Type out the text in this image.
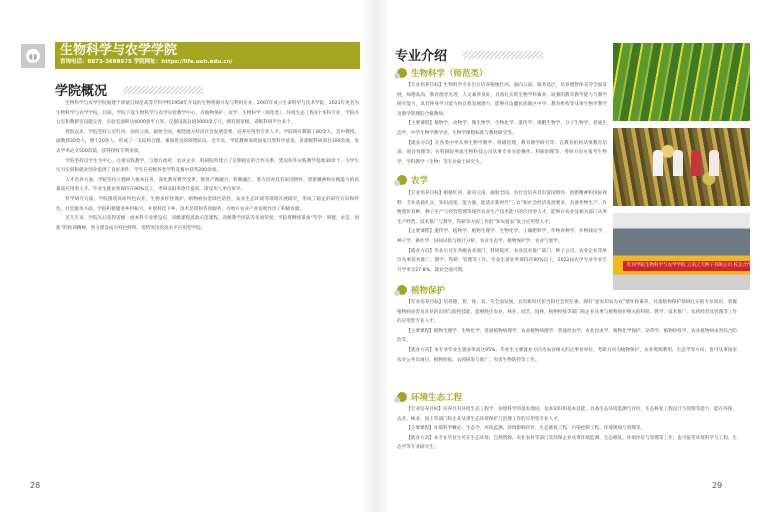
◖◗ 生物科学与农学学院
咨询电话：0873-3698575 学院网址：https://life.uoh.edu.cn/
学院概况

生物科学与农学学院始建于原蒙自师范高等专科学校1958年开设的生物资源开发与利用专业，2007年成立生命科学与技术学院，2021年更名为生物科学与农学学院。目前，学院下设生物科学与农学实验教学中心，有植物保护、农学、生物科学（师范类）、环境生态工程4个本科专业，学院办公室和教研室设施完善，实验室面积达4000余平方米，仪器设备总值5000余万元，拥有国家级、省级科研平台多个。

建院以来，学院坚持立足红河、面向云南、辐射全国，围绕地方经济社会发展需要，培养应用型专业人才。学院现有教职工80余人，其中教授、副教授30余人，博士20余人，形成了一支结构合理、素质优良的师资队伍。近年来，学院教师承担国家自然科学基金、省部级科研项目100余项，发表学术论文500余篇，获得授权专利多项。

学院坚持以学生为中心，注重实践教学，与地方政府、农业企业、科研院所建立了长期稳定的合作关系，建设校外实践教学基地30余个，为学生实习实训和就业创业提供了良好条件。学生在各级各类学科竞赛中获奖200余项。

人才培养方面，学院坚持立德树人根本任务，深化教育教学改革，推进产教融合、科教融汇，着力培养具有家国情怀、创新精神和实践能力的高素质应用型人才。毕业生就业率保持在90%以上，考研录取率逐年提高，深受用人单位好评。

科学研究方面，学院围绕高原特色农业、生物多样性保护、植物病虫害绿色防控、农业生态环境等领域开展研究，形成了稳定的研究方向和特色。社会服务方面，学院积极服务乡村振兴，开展科技下乡、技术培训和咨询服务，为地方农业产业发展作出了积极贡献。

近几年来，学院先后获得省级一流本科专业建设点、省级课程思政示范课程、省级教学团队等多项荣誉。学院将继续秉承“笃学、明德、求是、创新”的校训精神，努力建设成为特色鲜明、优势突出的高水平应用型学院。

28
专业介绍
生物科学（师范类）

【专业培养目标】生物科学专业旨在培养根植红河、面向云南、服务基层，培养德智体美劳全面发展，师德高尚、教育理念先进、人文素养良好，具备扎实的生物学科素养、较强的教育教学能力与教学研究能力，具有终身学习能力和自我发展潜力，能够在边疆民族地区中学、教育机构等从事生物学教学及教学管理的合格教师。

【主要课程】植物学、动物学、微生物学、生物化学、遗传学、细胞生物学、分子生物学、普通生态学、中学生物学教学论、生物学课程标准与教材研究等。

【就业方向】在各类中学从事生物学教学、班级管理、教育教学研究等；在教育机构从事教育培训、项目管理等；在科研院所或生物科技公司从事专业实验操作、科研助理等。考研方向可报考生物学、学科教学（生物）等专业硕士研究生。

农学

【专业培养目标】根植红河、面向云南、辐射全国，为社会培养具有爱国情怀、创新精神和国际视野，专业基础扎实、知识面宽、能力强，能适应新时代“三农”和社会经济发展要求，具备作物生产、作物遗传育种、种子生产与经营管理等现代农业生产技术能力的应用型人才，能够在农业及相关部门从事生产经营、技术推广与教学、科研等方面工作的“知农爱农”复合应用型人才。

【主要课程】遗传学、植物学、植物生理学、生物化学、土壤肥料学、作物育种学、作物栽培学、种子学、耕作学、田间试验与统计分析、农业生态学、植物保护学、农业气象学。

【就业方向】毕业后可在各级农业部门、科研院所、农业技术推广部门、种子公司、农业企业等单位从事技术推广、教学、科研、管理等工作。毕业生就业率保持在90%以上，2022届农学专业毕业生升学率为27.8%，就业全面可期。

植物保护

【专业培养目标】培养德、智、体、美、劳全面发展，具有新时代担当和社会责任感，拥有“爱农知农为农”情怀和素养，具备植物保护领域扎实的专业知识，掌握植物病虫害及杂草的识别与防控技能，能够胜任农业、林业、园艺、园林、植物检疫等部门和企业从事与植物保护相关的科研、教学、技术推广、农药经营及管理等工作的应用型专业人才。

【主要课程】植物生理学、生物化学、普通植物病理学、农业植物病理学、普通昆虫学、农业昆虫学、植物化学保护、杂草学、植物检疫学、农业植物病虫害综合防治等。

【就业方向】本专业毕业生就业率高达95%，毕业生主要就业方向为农业相关的企事业单位，考研方向为植物保护、农业资源利用、生态学等方向；也可从事国家农业公务员岗位、植物检疫、农药研发与推广、有害生物防控等工作。

环境生态工程

【专业培养目标】培养具有环境生态工程学、环境科学的基本理论、基本知识和基本技能，具备生态环境监测与评价、生态修复工程设计与管理等能力，能在环保、农业、林业、国土等部门和企业从事生态环境保护与治理工作的应用型专业人才。

【主要课程】环境科学概论、生态学、环境监测、环境影响评价、生态修复工程、污染控制工程、环境规划与管理等。

【就业方向】本专业毕业生可在生态环境、自然资源、农业农村等部门及环保企业从事环境监测、生态修复、环境评价与管理等工作，也可报考环境科学与工程、生态学等专业研究生。

红河学院生物科学与农学学院 云南云天种子有限公司 校企合作实习基地
29
